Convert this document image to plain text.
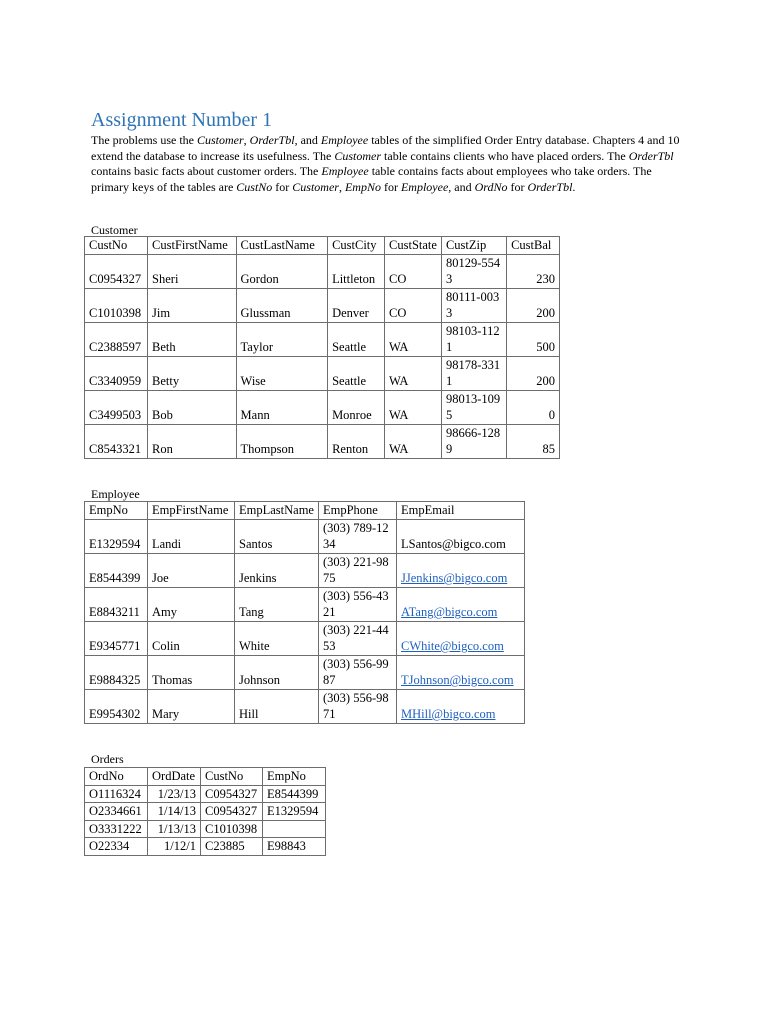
Assignment Number 1

The problems use the Customer, OrderTbl, and Employee tables of the simplified Order Entry database. Chapters 4 and 10 extend the database to increase its usefulness. The Customer table contains clients who have placed orders. The OrderTbl contains basic facts about customer orders. The Employee table contains facts about employees who take orders. The primary keys of the tables are CustNo for Customer, EmpNo for Employee, and OrdNo for OrderTbl.

Customer
CustNo	CustFirstName	CustLastName	CustCity	CustState	CustZip	CustBal
C0954327	Sheri	Gordon	Littleton	CO	80129-5543	230
C1010398	Jim	Glussman	Denver	CO	80111-0033	200
C2388597	Beth	Taylor	Seattle	WA	98103-1121	500
C3340959	Betty	Wise	Seattle	WA	98178-3311	200
C3499503	Bob	Mann	Monroe	WA	98013-1095	0
C8543321	Ron	Thompson	Renton	WA	98666-1289	85
Employee
EmpNo	EmpFirstName	EmpLastName	EmpPhone	EmpEmail
E1329594	Landi	Santos	(303) 789-1234	LSantos@bigco.com
E8544399	Joe	Jenkins	(303) 221-9875	JJenkins@bigco.com
E8843211	Amy	Tang	(303) 556-4321	ATang@bigco.com
E9345771	Colin	White	(303) 221-4453	CWhite@bigco.com
E9884325	Thomas	Johnson	(303) 556-9987	TJohnson@bigco.com
E9954302	Mary	Hill	(303) 556-9871	MHill@bigco.com
Orders
OrdNo	OrdDate	CustNo	EmpNo
O1116324	1/23/13	C0954327	E8544399
O2334661	1/14/13	C0954327	E1329594
O3331222	1/13/13	C1010398	
O22334	1/12/1	C23885	E98843
